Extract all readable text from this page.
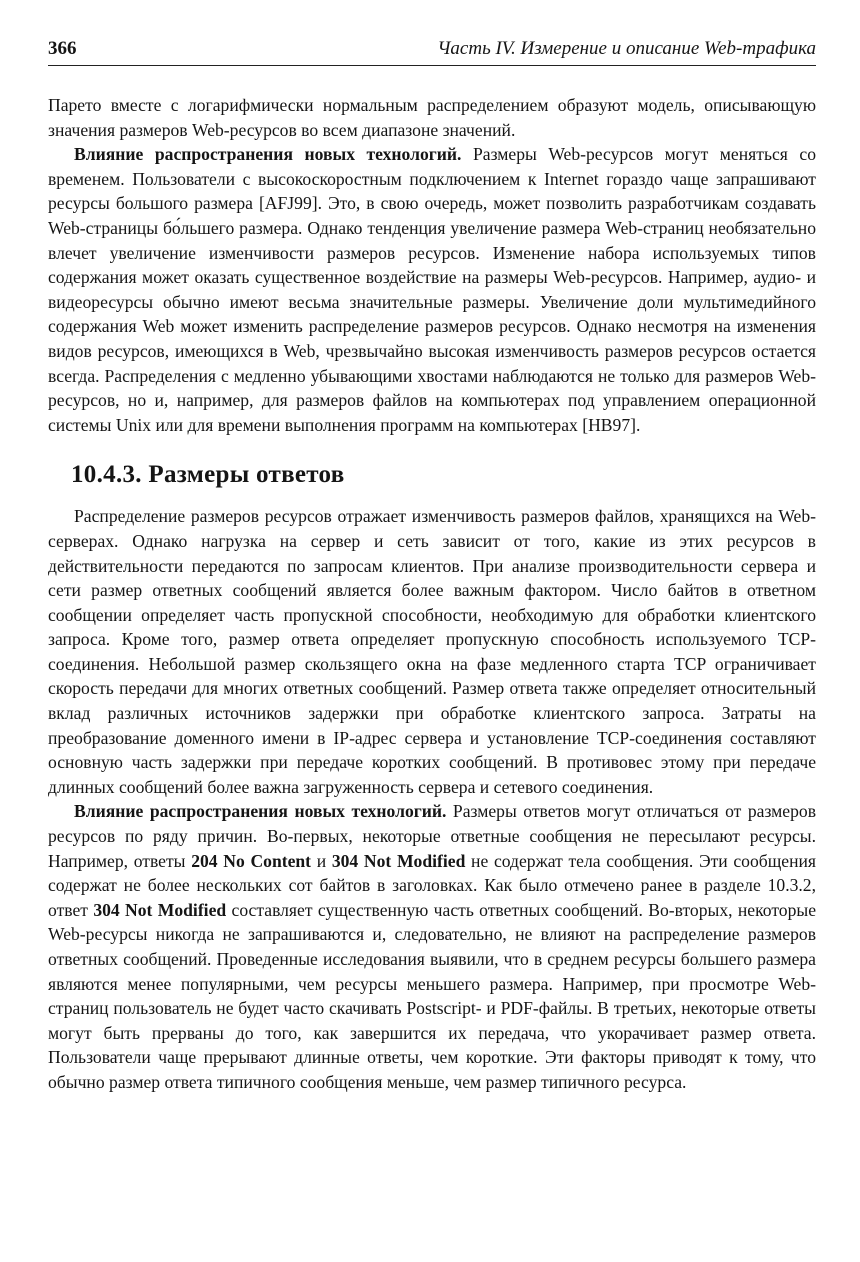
366	Часть IV. Измерение и описание Web-трафика

Парето вместе с логарифмически нормальным распределением образуют модель, описывающую значения размеров Web-ресурсов во всем диапазоне значений.

Влияние распространения новых технологий. Размеры Web-ресурсов могут меняться со временем. Пользователи с высокоскоростным подключением к Internet гораздо чаще запрашивают ресурсы большого размера [AFJ99]. Это, в свою очередь, может позволить разработчикам создавать Web-страницы бо́льшего размера. Однако тенденция увеличение размера Web-страниц необязательно влечет увеличение изменчивости размеров ресурсов. Изменение набора используемых типов содержания может оказать существенное воздействие на размеры Web-ресурсов. Например, аудио- и видеоресурсы обычно имеют весьма значительные размеры. Увеличение доли мультимедийного содержания Web может изменить распределение размеров ресурсов. Однако несмотря на изменения видов ресурсов, имеющихся в Web, чрезвычайно высокая изменчивость размеров ресурсов остается всегда. Распределения с медленно убывающими хвостами наблюдаются не только для размеров Web-ресурсов, но и, например, для размеров файлов на компьютерах под управлением операционной системы Unix или для времени выполнения программ на компьютерах [HB97].

10.4.3. Размеры ответов

Распределение размеров ресурсов отражает изменчивость размеров файлов, хранящихся на Web-серверах. Однако нагрузка на сервер и сеть зависит от того, какие из этих ресурсов в действительности передаются по запросам клиентов. При анализе производительности сервера и сети размер ответных сообщений является более важным фактором. Число байтов в ответном сообщении определяет часть пропускной способности, необходимую для обработки клиентского запроса. Кроме того, размер ответа определяет пропускную способность используемого TCP-соединения. Небольшой размер скользящего окна на фазе медленного старта TCP ограничивает скорость передачи для многих ответных сообщений. Размер ответа также определяет относительный вклад различных источников задержки при обработке клиентского запроса. Затраты на преобразование доменного имени в IP-адрес сервера и установление TCP-соединения составляют основную часть задержки при передаче коротких сообщений. В противовес этому при передаче длинных сообщений более важна загруженность сервера и сетевого соединения.

Влияние распространения новых технологий. Размеры ответов могут отличаться от размеров ресурсов по ряду причин. Во-первых, некоторые ответные сообщения не пересылают ресурсы. Например, ответы 204 No Content и 304 Not Modified не содержат тела сообщения. Эти сообщения содержат не более нескольких сот байтов в заголовках. Как было отмечено ранее в разделе 10.3.2, ответ 304 Not Modified составляет существенную часть ответных сообщений. Во-вторых, некоторые Web-ресурсы никогда не запрашиваются и, следовательно, не влияют на распределение размеров ответных сообщений. Проведенные исследования выявили, что в среднем ресурсы большего размера являются менее популярными, чем ресурсы меньшего размера. Например, при просмотре Web-страниц пользователь не будет часто скачивать Postscript- и PDF-файлы. В третьих, некоторые ответы могут быть прерваны до того, как завершится их передача, что укорачивает размер ответа. Пользователи чаще прерывают длинные ответы, чем короткие. Эти факторы приводят к тому, что обычно размер ответа типичного сообщения меньше, чем размер типичного ресурса.
